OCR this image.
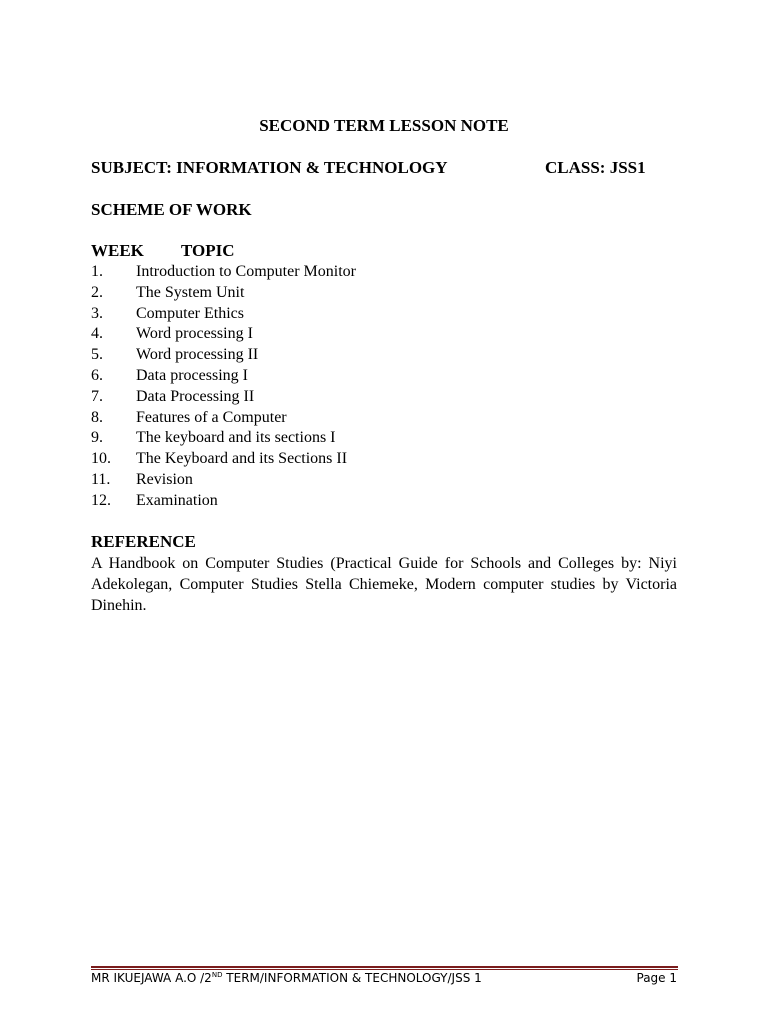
SECOND TERM LESSON NOTE
SUBJECT: INFORMATION & TECHNOLOGY	CLASS: JSS1
SCHEME OF WORK
WEEK TOPIC
1. Introduction to Computer Monitor
2. The System Unit
3. Computer Ethics
4. Word processing I
5. Word processing II
6. Data processing I
7. Data Processing II
8. Features of a Computer
9. The keyboard and its sections I
10. The Keyboard and its Sections II
11. Revision
12. Examination
REFERENCE
A Handbook on Computer Studies (Practical Guide for Schools and Colleges by: Niyi Adekolegan, Computer Studies Stella Chiemeke, Modern computer studies by Victoria Dinehin.
MR IKUEJAWA A.O /2ND TERM/INFORMATION & TECHNOLOGY/JSS 1	Page 1
